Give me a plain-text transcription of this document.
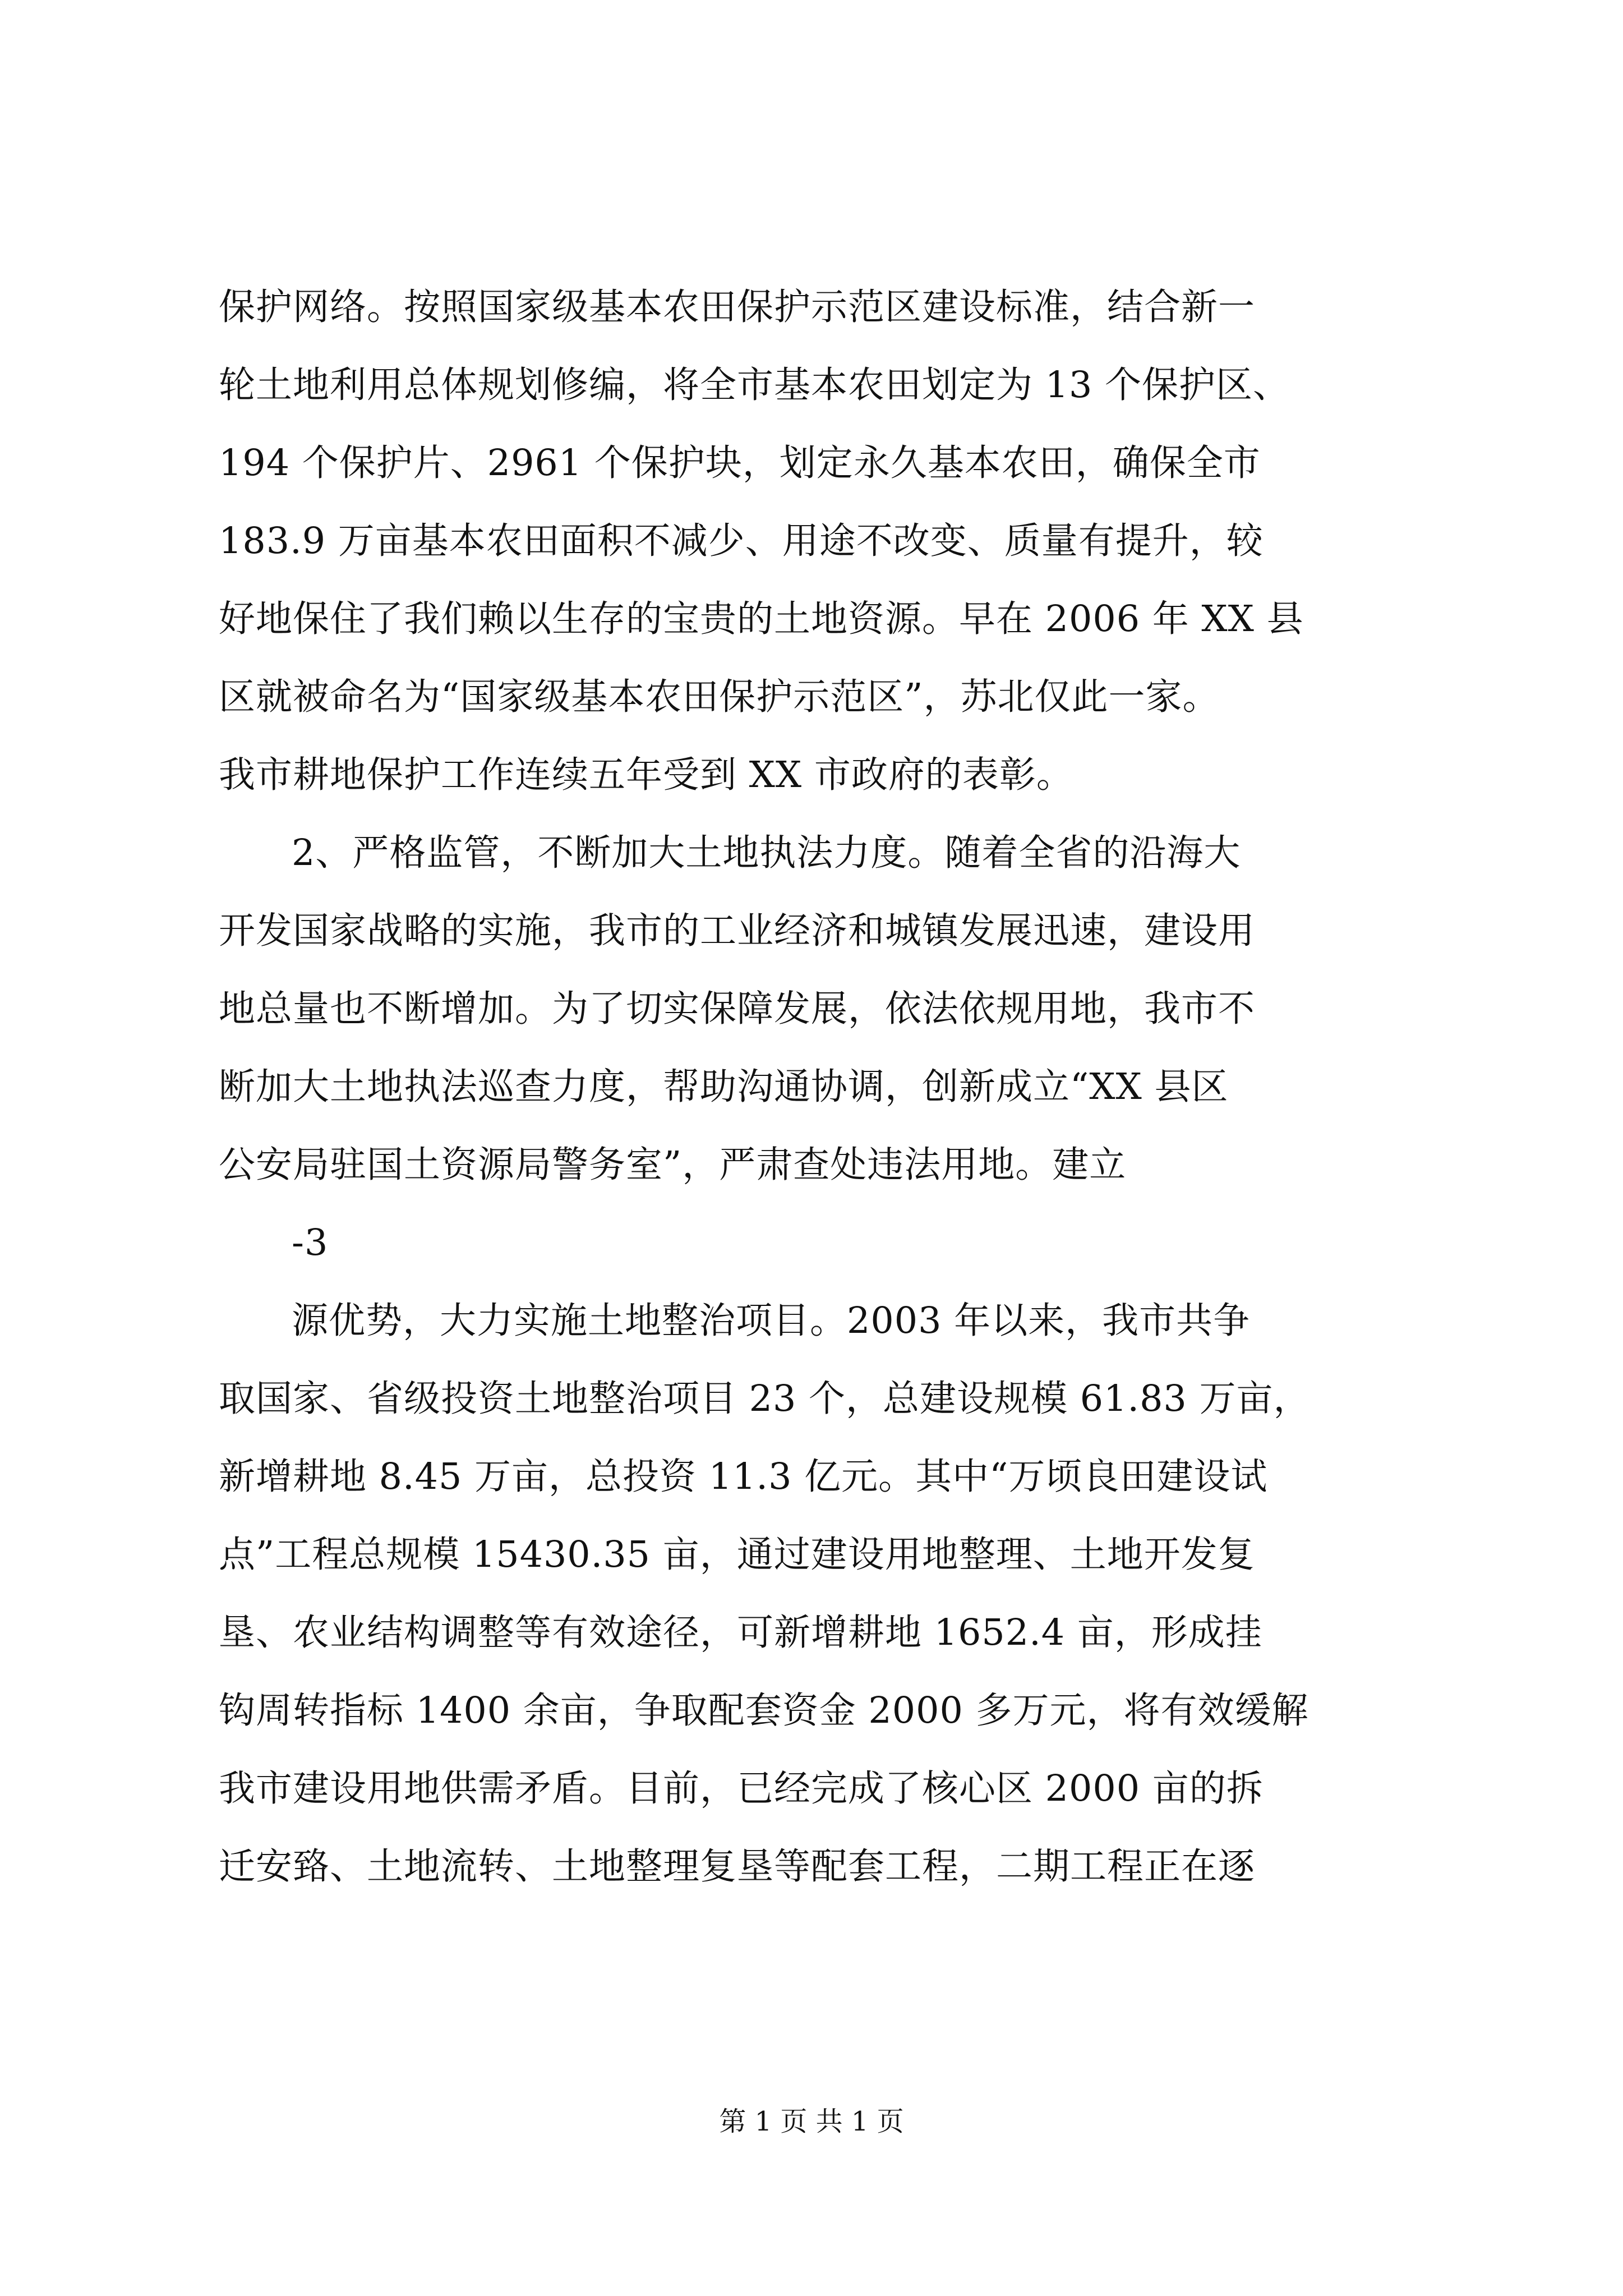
保护网络。按照国家级基本农田保护示范区建设标准，结合新一
轮土地利用总体规划修编，将全市基本农田划定为 13 个保护区、
194 个保护片、2961 个保护块，划定永久基本农田，确保全市
183.9 万亩基本农田面积不减少、用途不改变、质量有提升，较
好地保住了我们赖以生存的宝贵的土地资源。早在 2006 年 XX 县
区就被命名为“国家级基本农田保护示范区”，苏北仅此一家。
我市耕地保护工作连续五年受到 XX 市政府的表彰。
2、严格监管，不断加大土地执法力度。随着全省的沿海大
开发国家战略的实施，我市的工业经济和城镇发展迅速，建设用
地总量也不断增加。为了切实保障发展，依法依规用地，我市不
断加大土地执法巡查力度，帮助沟通协调，创新成立“XX 县区
公安局驻国土资源局警务室”，严肃查处违法用地。建立
-3
源优势，大力实施土地整治项目。2003 年以来，我市共争
取国家、省级投资土地整治项目 23 个，总建设规模 61.83 万亩，
新增耕地 8.45 万亩，总投资 11.3 亿元。其中“万顷良田建设试
点”工程总规模 15430.35 亩，通过建设用地整理、土地开发复
垦、农业结构调整等有效途径，可新增耕地 1652.4 亩，形成挂
钩周转指标 1400 余亩，争取配套资金 2000 多万元，将有效缓解
我市建设用地供需矛盾。目前，已经完成了核心区 2000 亩的拆
迁安臵、土地流转、土地整理复垦等配套工程，二期工程正在逐
第 1 页 共 1 页
